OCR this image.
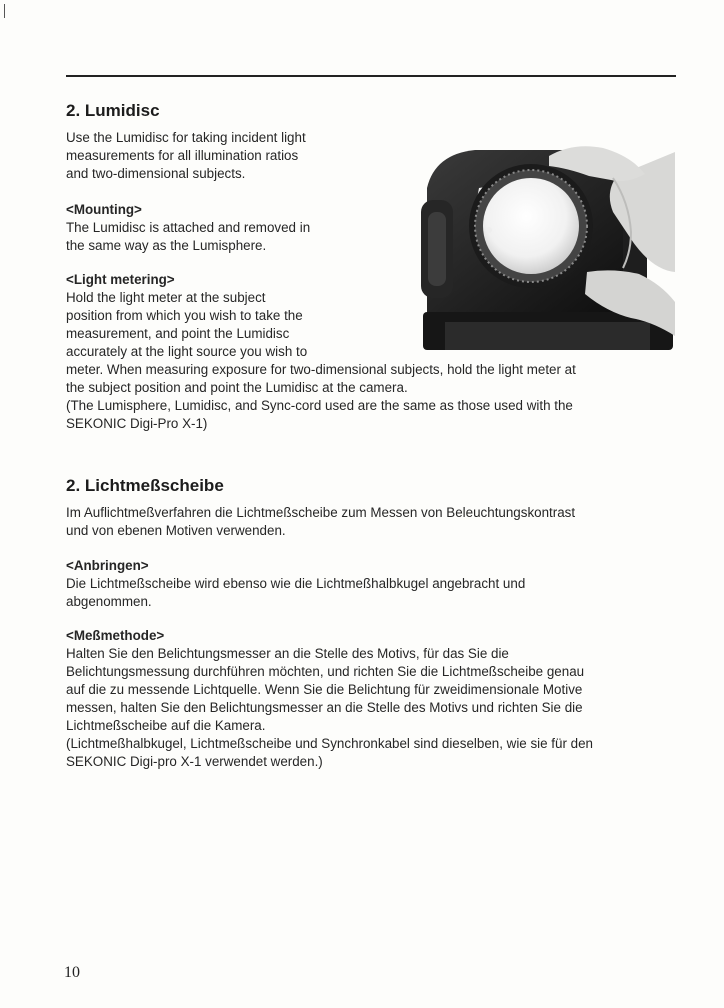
2. Lumidisc

Use the Lumidisc for taking incident light
measurements for all illumination ratios
and two-dimensional subjects.

<Mounting>
The Lumidisc is attached and removed in
the same way as the Lumisphere.

<Light metering>
Hold the light meter at the subject
position from which you wish to take the
measurement, and point the Lumidisc
accurately at the light source you wish to
meter. When measuring exposure for two-dimensional subjects, hold the light meter at
the subject position and point the Lumidisc at the camera.
(The Lumisphere, Lumidisc, and Sync-cord used are the same as those used with the
SEKONIC Digi-Pro X-1)

2. Lichtmeßscheibe

Im Auflichtmeßverfahren die Lichtmeßscheibe zum Messen von Beleuchtungskontrast
und von ebenen Motiven verwenden.

<Anbringen>
Die Lichtmeßscheibe wird ebenso wie die Lichtmeßhalbkugel angebracht und
abgenommen.

<Meßmethode>
Halten Sie den Belichtungsmesser an die Stelle des Motivs, für das Sie die
Belichtungsmessung durchführen möchten, und richten Sie die Lichtmeßscheibe genau
auf die zu messende Lichtquelle. Wenn Sie die Belichtung für zweidimensionale Motive
messen, halten Sie den Belichtungsmesser an die Stelle des Motivs und richten Sie die
Lichtmeßscheibe auf die Kamera.
(Lichtmeßhalbkugel, Lichtmeßscheibe und Synchronkabel sind dieselben, wie sie für den
SEKONIC Digi-pro X-1 verwendet werden.)

10
